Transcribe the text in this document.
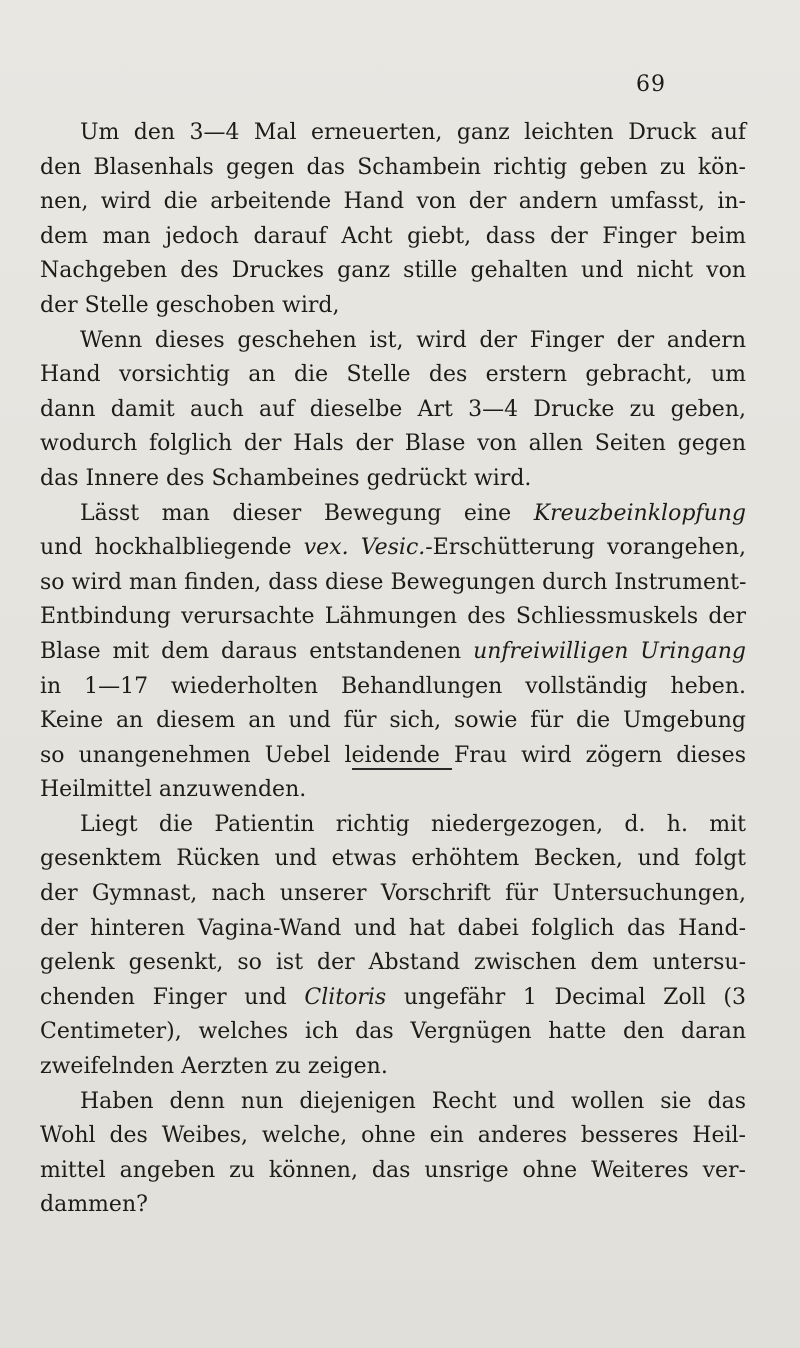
69
Um den 3—4 Mal erneuerten, ganz leichten Druck auf
den Blasenhals gegen das Schambein richtig geben zu kön-
nen, wird die arbeitende Hand von der andern umfasst, in-
dem man jedoch darauf Acht giebt, dass der Finger beim
Nachgeben des Druckes ganz stille gehalten und nicht von
der Stelle geschoben wird,
Wenn dieses geschehen ist, wird der Finger der andern
Hand vorsichtig an die Stelle des erstern gebracht, um
dann damit auch auf dieselbe Art 3—4 Drucke zu geben,
wodurch folglich der Hals der Blase von allen Seiten gegen
das Innere des Schambeines gedrückt wird.
Lässt man dieser Bewegung eine Kreuzbeinklopfung
und hockhalbliegende vex. Vesic.-Erschütterung vorangehen,
so wird man finden, dass diese Bewegungen durch Instrument-
Entbindung verursachte Lähmungen des Schliessmuskels der
Blase mit dem daraus entstandenen unfreiwilligen Uringang
in 1—17 wiederholten Behandlungen vollständig heben.
Keine an diesem an und für sich, sowie für die Umgebung
so unangenehmen Uebel leidende Frau wird zögern dieses
Heilmittel anzuwenden.
Liegt die Patientin richtig niedergezogen, d. h. mit
gesenktem Rücken und etwas erhöhtem Becken, und folgt
der Gymnast, nach unserer Vorschrift für Untersuchungen,
der hinteren Vagina-Wand und hat dabei folglich das Hand-
gelenk gesenkt, so ist der Abstand zwischen dem untersu-
chenden Finger und Clitoris ungefähr 1 Decimal Zoll (3
Centimeter), welches ich das Vergnügen hatte den daran
zweifelnden Aerzten zu zeigen.
Haben denn nun diejenigen Recht und wollen sie das
Wohl des Weibes, welche, ohne ein anderes besseres Heil-
mittel angeben zu können, das unsrige ohne Weiteres ver-
dammen?
